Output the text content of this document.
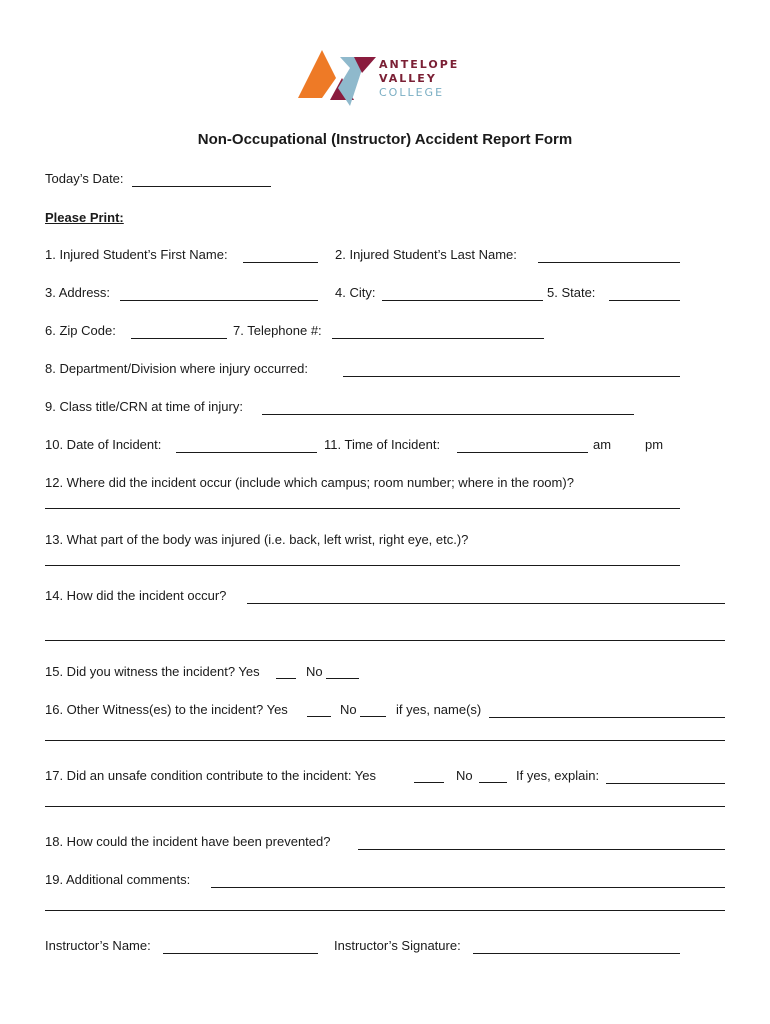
ANTELOPE
VALLEY
COLLEGE
Non-Occupational (Instructor) Accident Report Form
Today’s Date:
Please Print:
1. Injured Student’s First Name:	2. Injured Student’s Last Name:
3. Address:	4. City:	5. State:
6. Zip Code:	7. Telephone #:
8. Department/Division where injury occurred:
9. Class title/CRN at time of injury:
10. Date of Incident:	11. Time of Incident:	am	pm
12. Where did the incident occur (include which campus; room number; where in the room)?
13. What part of the body was injured (i.e. back, left wrist, right eye, etc.)?
14. How did the incident occur?
15. Did you witness the incident? Yes	No
16. Other Witness(es) to the incident? Yes	No	if yes, name(s)
17. Did an unsafe condition contribute to the incident: Yes	No	If yes, explain:
18. How could the incident have been prevented?
19. Additional comments:
Instructor’s Name:	Instructor’s Signature:
